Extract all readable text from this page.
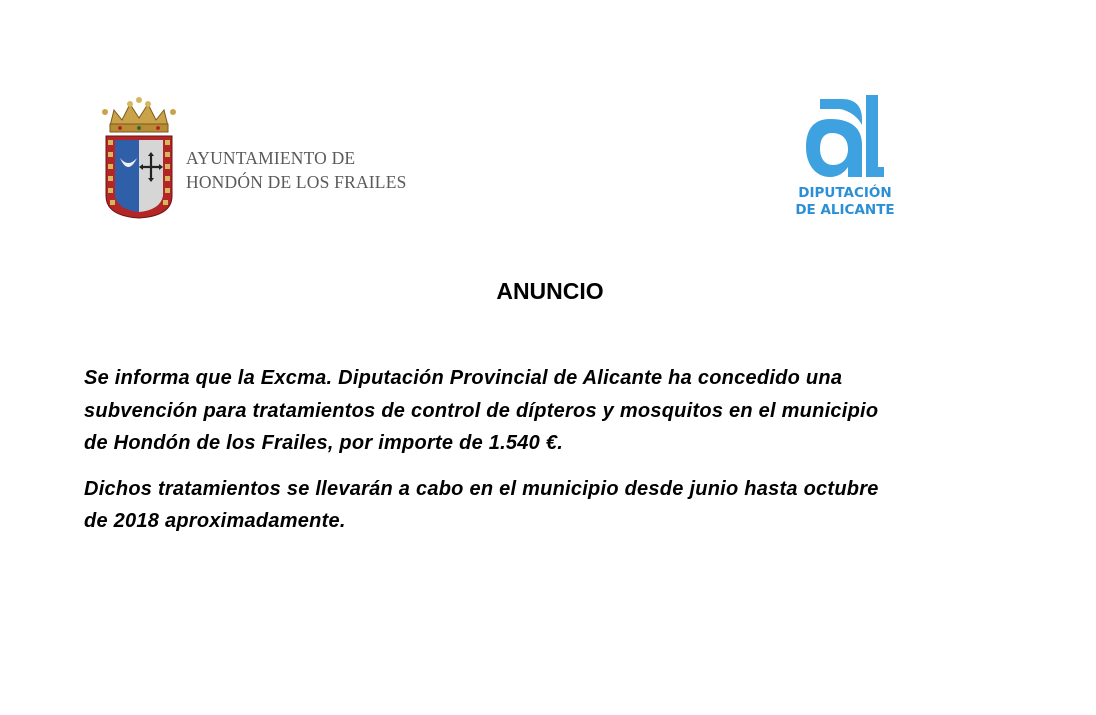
AYUNTAMIENTO DE
HONDÓN DE LOS FRAILES
DIPUTACIÓN
DE ALICANTE
ANUNCIO

Se informa que la Excma. Diputación Provincial de Alicante ha concedido una
subvención para tratamientos de control de dípteros y mosquitos en el municipio
de Hondón de los Frailes, por importe de 1.540 €.

Dichos tratamientos se llevarán a cabo en el municipio desde junio hasta octubre
de 2018 aproximadamente.
